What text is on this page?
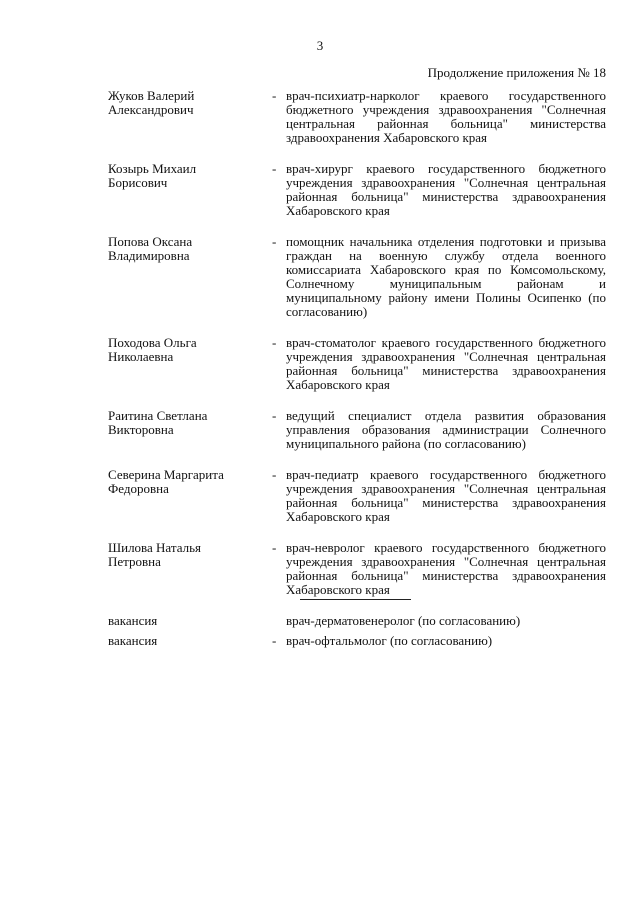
3
Продолжение приложения № 18
Жуков Валерий
Александрович
- врач-психиатр-нарколог краевого государственного бюджетного учреждения здравоохранения "Солнечная центральная районная больница" министерства здравоохранения Хабаровского края
Козырь Михаил
Борисович
- врач-хирург краевого государственного бюджетного учреждения здравоохранения "Солнечная центральная районная больница" министерства здравоохранения Хабаровского края
Попова Оксана
Владимировна
- помощник начальника отделения подготовки и призыва граждан на военную службу отдела военного комиссариата Хабаровского края по Комсомольскому, Солнечному муниципальным районам и муниципальному району имени Полины Осипенко (по согласованию)
Походова Ольга
Николаевна
- врач-стоматолог краевого государственного бюджетного учреждения здравоохранения "Солнечная центральная районная больница" министерства здравоохранения Хабаровского края
Раитина Светлана
Викторовна
- ведущий специалист отдела развития образования управления образования администрации Солнечного муниципального района (по согласованию)
Северина Маргарита
Федоровна
- врач-педиатр краевого государственного бюджетного учреждения здравоохранения "Солнечная центральная районная больница" министерства здравоохранения Хабаровского края
Шилова Наталья
Петровна
- врач-невролог краевого государственного бюджетного учреждения здравоохранения "Солнечная центральная районная больница" министерства здравоохранения Хабаровского края
вакансия	врач-дерматовенеролог (по согласованию)
вакансия	- врач-офтальмолог (по согласованию)
